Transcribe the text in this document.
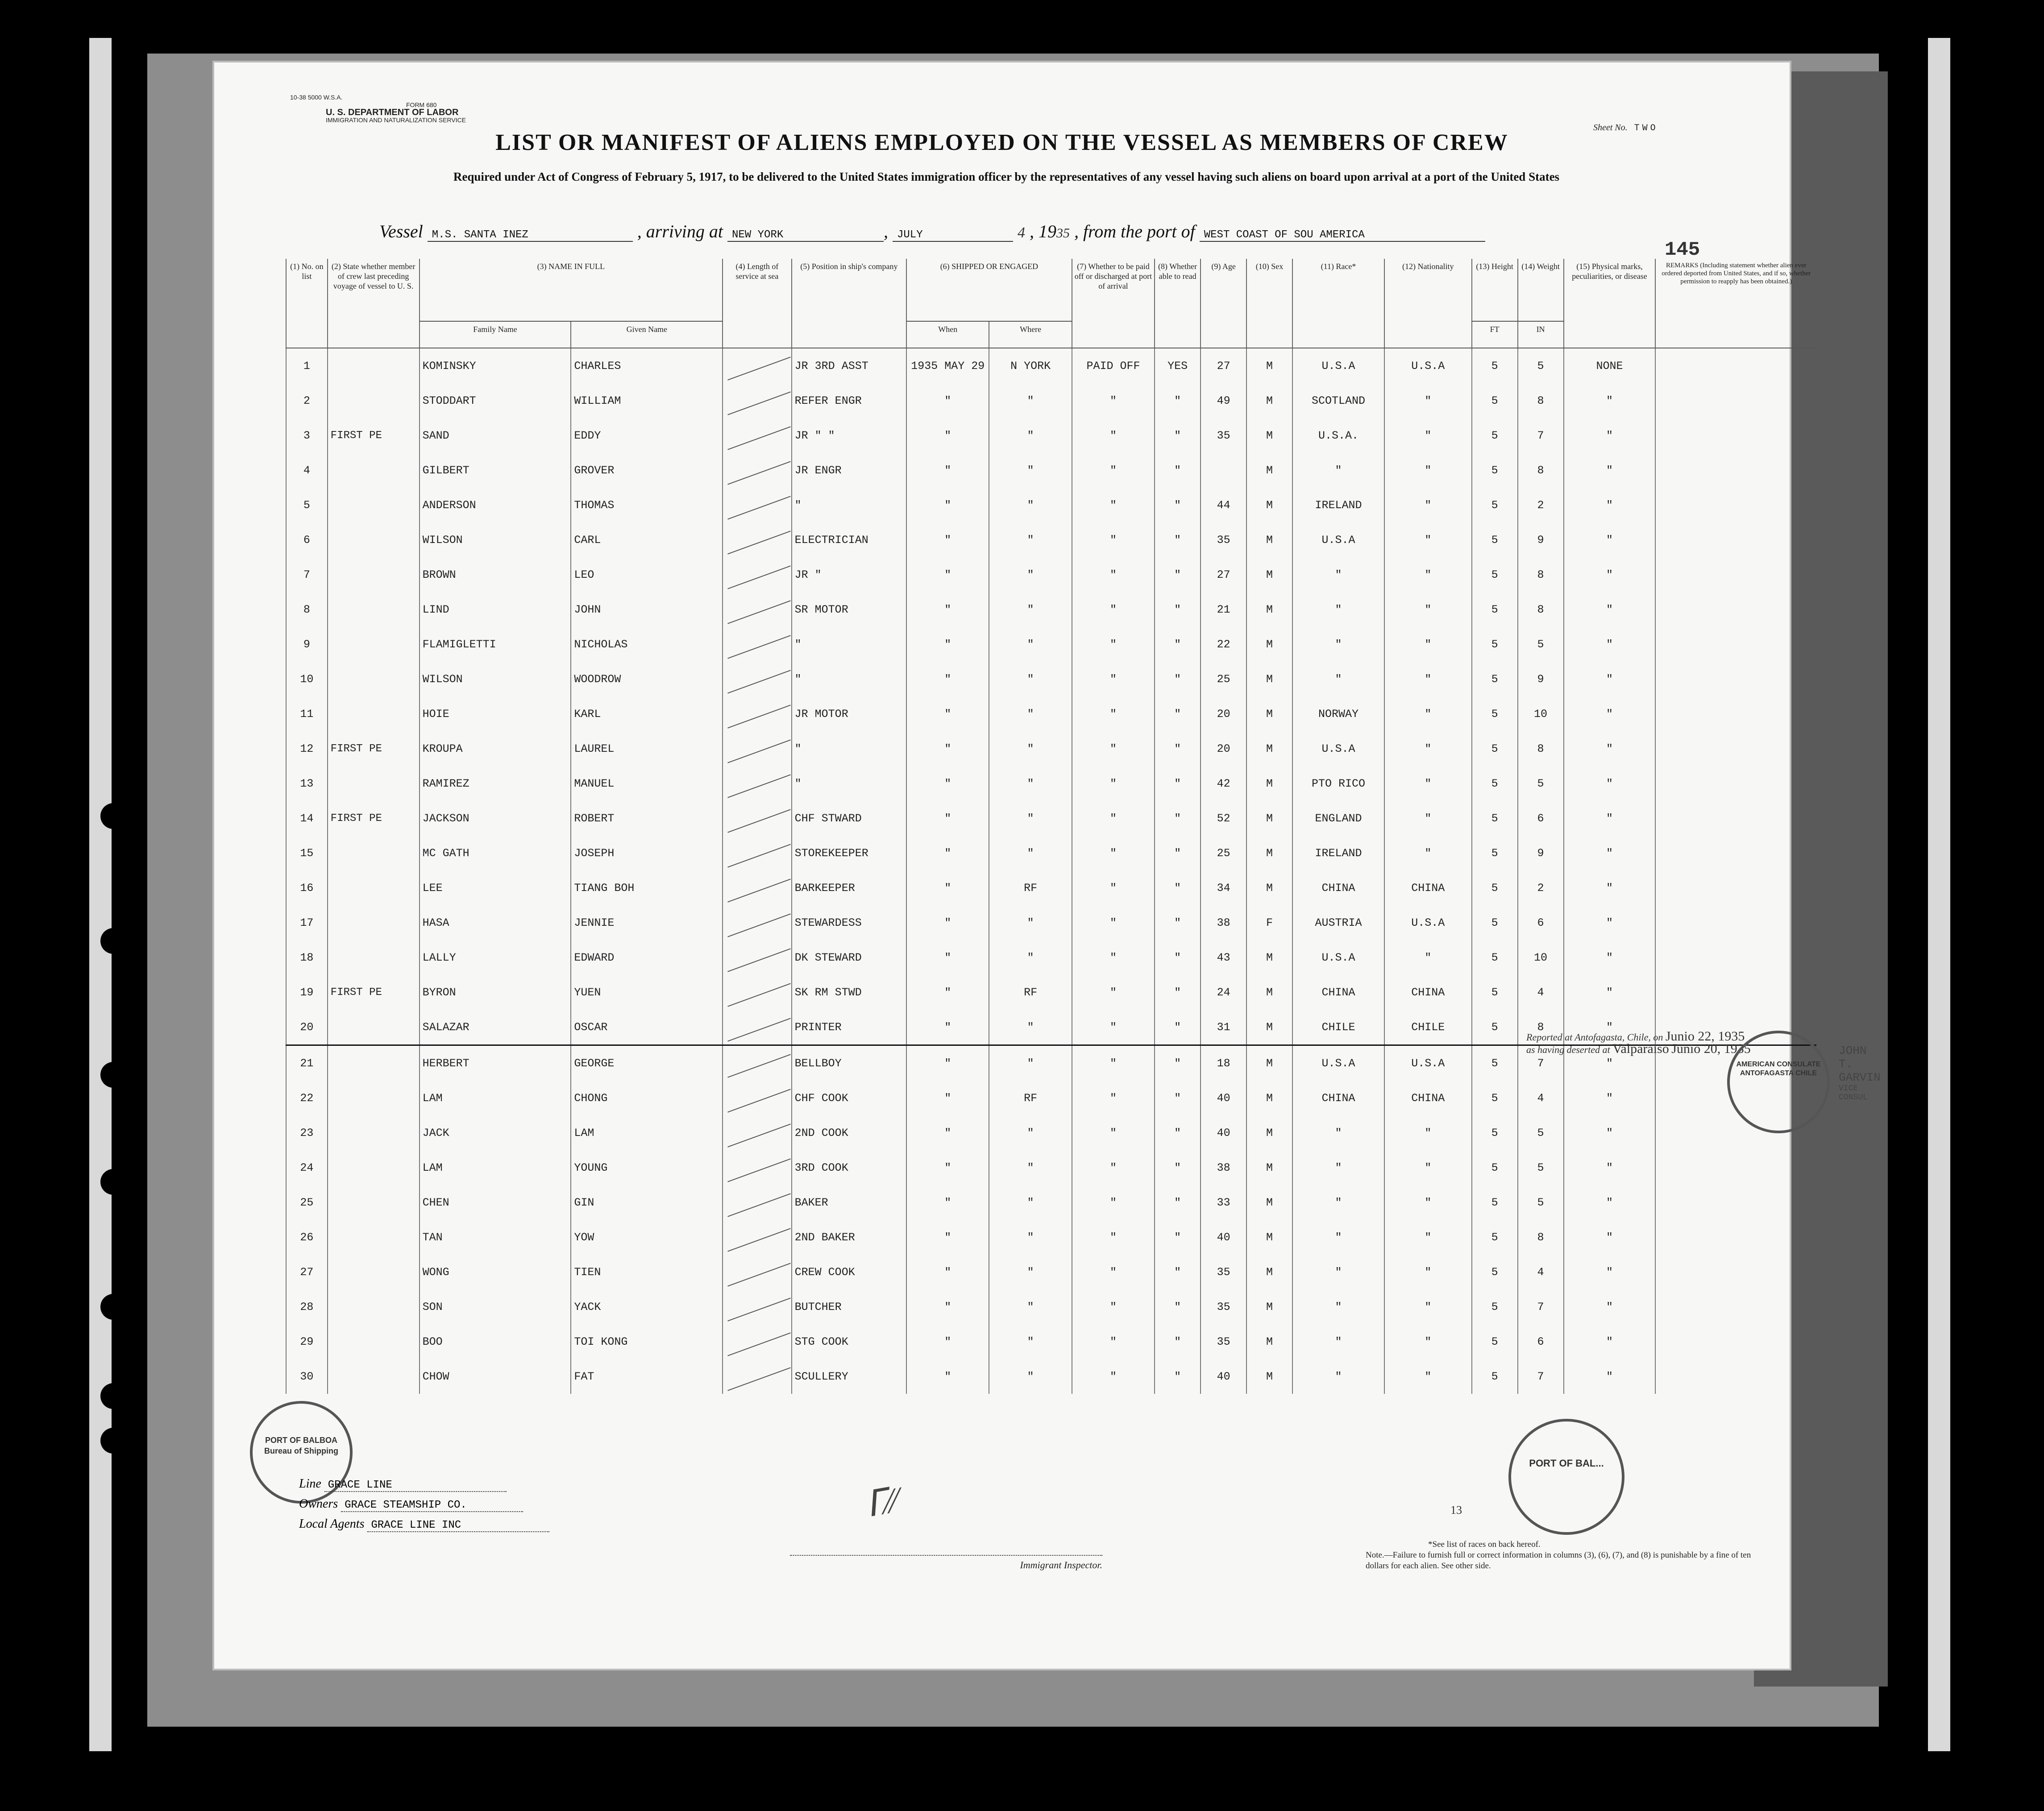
10-38 5000 W.S.A.
FORM 680
U. S. DEPARTMENT OF LABOR
IMMIGRATION AND NATURALIZATION SERVICE
Sheet No. TWO
LIST OR MANIFEST OF ALIENS EMPLOYED ON THE VESSEL AS MEMBERS OF CREW
Required under Act of Congress of February 5, 1917, to be delivered to the United States immigration officer by the representatives of any vessel having such aliens on board upon arrival at a port of the United States
Vessel M.S. SANTA INEZ	, arriving at NEW YORK	, JULY	4 , 1935 , from the port of WEST COAST OF SOU AMERICA
145
(1) No. on list	(2) State whether member of crew last preceding voyage of vessel to U. S.	(3) NAME IN FULL		(4) Length of service at sea	(5) Position in ship's company	(6) SHIPPED OR ENGAGED		(7) Whether to be paid off or discharged at port of arrival	(8) Whether able to read	(9) Age	(10) Sex	(11) Race*	(12) Nationality	(13) Height	(14) Weight	(15) Physical marks, peculiarities, or disease	REMARKS (Including statement whether alien ever ordered deported from United States, and if so, whether permission to reapply has been obtained.)
		Family Name	Given Name			When	Where							FT	IN		
1		KOMINSKY	CHARLES		JR 3RD ASST	1935 MAY 29	N YORK	PAID OFF	YES	27	M	U.S.A	U.S.A	5	5	NONE	
2		STODDART	WILLIAM		REFER ENGR	"	"	"	"	49	M	SCOTLAND	"	5	8	"	
3	FIRST PE	SAND	EDDY		JR " "	"	"	"	"	35	M	U.S.A.	"	5	7	"	
4		GILBERT	GROVER		JR ENGR	"	"	"	"		M	"	"	5	8	"	
5		ANDERSON	THOMAS		"	"	"	"	"	44	M	IRELAND	"	5	2	"	
6		WILSON	CARL		ELECTRICIAN	"	"	"	"	35	M	U.S.A	"	5	9	"	
7		BROWN	LEO		JR "	"	"	"	"	27	M	"	"	5	8	"	
8		LIND	JOHN		SR MOTOR	"	"	"	"	21	M	"	"	5	8	"	
9		FLAMIGLETTI	NICHOLAS		"	"	"	"	"	22	M	"	"	5	5	"	
10		WILSON	WOODROW		"	"	"	"	"	25	M	"	"	5	9	"	
11		HOIE	KARL		JR MOTOR	"	"	"	"	20	M	NORWAY	"	5	10	"	
12	FIRST PE	KROUPA	LAUREL		"	"	"	"	"	20	M	U.S.A	"	5	8	"	
13		RAMIREZ	MANUEL		"	"	"	"	"	42	M	PTO RICO	"	5	5	"	
14	FIRST PE	JACKSON	ROBERT		CHF STWARD	"	"	"	"	52	M	ENGLAND	"	5	6	"	
15		MC GATH	JOSEPH		STOREKEEPER	"	"	"	"	25	M	IRELAND	"	5	9	"	
16		LEE	TIANG BOH		BARKEEPER	"	RF	"	"	34	M	CHINA	CHINA	5	2	"	
17		HASA	JENNIE		STEWARDESS	"	"	"	"	38	F	AUSTRIA	U.S.A	5	6	"	
18		LALLY	EDWARD		DK STEWARD	"	"	"	"	43	M	U.S.A	"	5	10	"	
19	FIRST PE	BYRON	YUEN		SK RM STWD	"	RF	"	"	24	M	CHINA	CHINA	5	4	"	
20		SALAZAR	OSCAR		PRINTER	"	"	"	"	31	M	CHILE	CHILE	5	8	"	
21		HERBERT	GEORGE		BELLBOY	"	"	"	"	18	M	U.S.A	U.S.A	5	7	"	
22		LAM	CHONG		CHF COOK	"	RF	"	"	40	M	CHINA	CHINA	5	4	"	
23		JACK	LAM		2ND COOK	"	"	"	"	40	M	"	"	5	5	"	
24		LAM	YOUNG		3RD COOK	"	"	"	"	38	M	"	"	5	5	"	
25		CHEN	GIN		BAKER	"	"	"	"	33	M	"	"	5	5	"	
26		TAN	YOW		2ND BAKER	"	"	"	"	40	M	"	"	5	8	"	
27		WONG	TIEN		CREW COOK	"	"	"	"	35	M	"	"	5	4	"	
28		SON	YACK		BUTCHER	"	"	"	"	35	M	"	"	5	7	"	
29		BOO	TOI KONG		STG COOK	"	"	"	"	35	M	"	"	5	6	"	
30		CHOW	FAT		SCULLERY	"	"	"	"	40	M	"	"	5	7	"	
Reported at Antofagasta, Chile, on Junio 22, 1935
as having deserted at Valparaiso Junio 20, 1935
AMERICAN CONSULATE ANTOFAGASTA CHILE
JOHN T. GARVIN
VICE CONSUL
PORT OF BALBOA Bureau of Shipping
PORT OF BAL...
Line GRACE LINE
Owners GRACE STEAMSHIP CO.
Local Agents GRACE LINE INC
ᒥ∕∕
Immigrant Inspector.
13
*See list of races on back hereof.
Note.—Failure to furnish full or correct information in columns (3), (6), (7), and (8) is punishable by a fine of ten dollars for each alien. See other side.
